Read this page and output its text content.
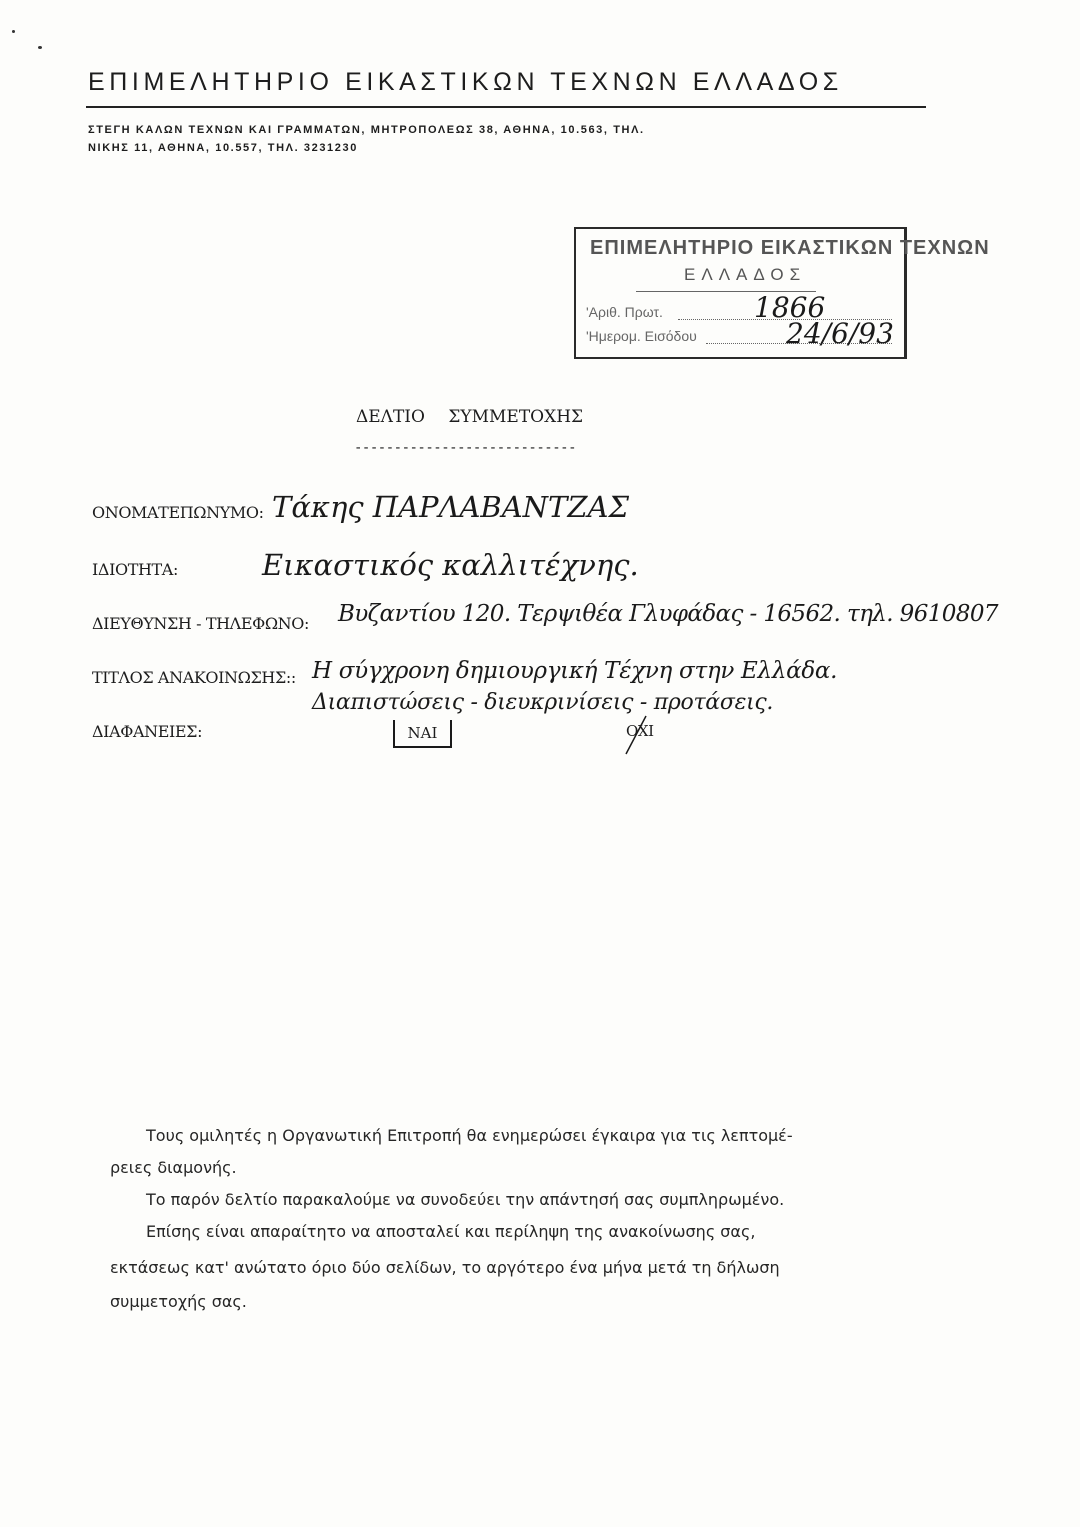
ΕΠΙΜΕΛΗΤΗΡΙΟ ΕΙΚΑΣΤΙΚΩΝ ΤΕΧΝΩΝ ΕΛΛΑΔΟΣ
ΣΤΕΓΗ ΚΑΛΩΝ ΤΕΧΝΩΝ ΚΑΙ ΓΡΑΜΜΑΤΩΝ, ΜΗΤΡΟΠΟΛΕΩΣ 38, ΑΘΗΝΑ, 10.563, ΤΗΛ.
ΝΙΚΗΣ 11, ΑΘΗΝΑ, 10.557, ΤΗΛ. 3231230
ΕΠΙΜΕΛΗΤΗΡΙΟ ΕΙΚΑΣΤΙΚΩΝ ΤΕΧΝΩΝ
ΕΛΛΑΔΟΣ
'Αριθ. Πρωτ.	1866
'Ημερομ. Εισόδου	24/6/93
ΔΕΛΤΙΟ ΣΥΜΜΕΤΟΧΗΣ
----------------------------
ΟΝΟΜΑΤΕΠΩΝΥΜΟ: Τάκης ΠΑΡΛΑΒΑΝΤΖΑΣ
ΙΔΙΟΤΗΤΑ:	Εικαστικός καλλιτέχνης.
ΔΙΕΥΘΥΝΣΗ - ΤΗΛΕΦΩΝΟ: Βυζαντίου 120. Τερψιθέα Γλυφάδας - 16562. τηλ. 9610807
ΤΙΤΛΟΣ ΑΝΑΚΟΙΝΩΣΗΣ:: Η σύγχρονη δημιουργική Τέχνη στην Ελλάδα.
Διαπιστώσεις - διευκρινίσεις - προτάσεις.
ΔΙΑΦΑΝΕΙΕΣ:	ΝΑΙ	ΟΧΙ
Τους ομιλητές η Οργανωτική Επιτροπή θα ενημερώσει έγκαιρα για τις λεπτομέ-
ρειες διαμονής.
Το παρόν δελτίο παρακαλούμε να συνοδεύει την απάντησή σας συμπληρωμένο.
Επίσης είναι απαραίτητο να αποσταλεί και περίληψη της ανακοίνωσης σας,
εκτάσεως κατ' ανώτατο όριο δύο σελίδων, το αργότερο ένα μήνα μετά τη δήλωση
συμμετοχής σας.
